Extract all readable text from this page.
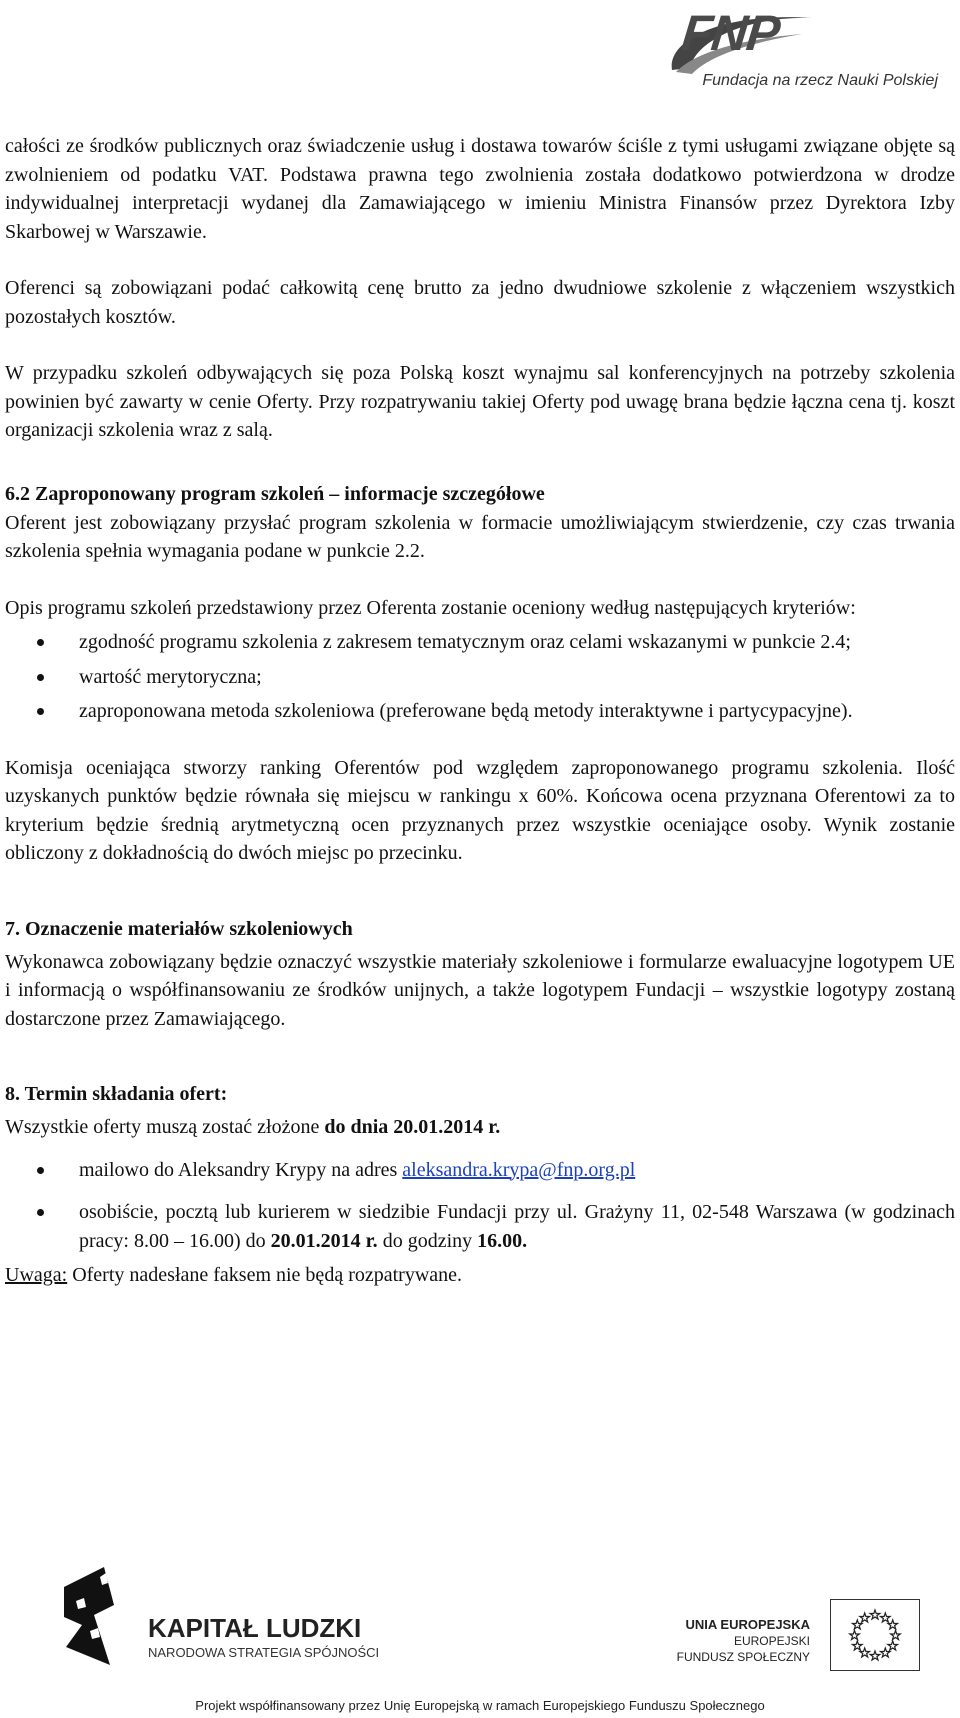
FNP
Fundacja na rzecz Nauki Polskiej

całości ze środków publicznych oraz świadczenie usług i dostawa towarów ściśle z tymi usługami związane objęte są zwolnieniem od podatku VAT. Podstawa prawna tego zwolnienia została dodatkowo potwierdzona w drodze indywidualnej interpretacji wydanej dla Zamawiającego w imieniu Ministra Finansów przez Dyrektora Izby Skarbowej w Warszawie.

Oferenci są zobowiązani podać całkowitą cenę brutto za jedno dwudniowe szkolenie z włączeniem wszystkich pozostałych kosztów.

W przypadku szkoleń odbywających się poza Polską koszt wynajmu sal konferencyjnych na potrzeby szkolenia powinien być zawarty w cenie Oferty. Przy rozpatrywaniu takiej Oferty pod uwagę brana będzie łączna cena tj. koszt organizacji szkolenia wraz z salą.

6.2 Zaproponowany program szkoleń – informacje szczegółowe

Oferent jest zobowiązany przysłać program szkolenia w formacie umożliwiającym stwierdzenie, czy czas trwania szkolenia spełnia wymagania podane w punkcie 2.2.

Opis programu szkoleń przedstawiony przez Oferenta zostanie oceniony według następujących kryteriów:

zgodność programu szkolenia z zakresem tematycznym oraz celami wskazanymi w punkcie 2.4;
wartość merytoryczna;
zaproponowana metoda szkoleniowa (preferowane będą metody interaktywne i partycypacyjne).

Komisja oceniająca stworzy ranking Oferentów pod względem zaproponowanego programu szkolenia. Ilość uzyskanych punktów będzie równała się miejscu w rankingu x 60%. Końcowa ocena przyznana Oferentowi za to kryterium będzie średnią arytmetyczną ocen przyznanych przez wszystkie oceniające osoby. Wynik zostanie obliczony z dokładnością do dwóch miejsc po przecinku.

7. Oznaczenie materiałów szkoleniowych

Wykonawca zobowiązany będzie oznaczyć wszystkie materiały szkoleniowe i formularze ewaluacyjne logotypem UE i informacją o współfinansowaniu ze środków unijnych, a także logotypem Fundacji – wszystkie logotypy zostaną dostarczone przez Zamawiającego.

8. Termin składania ofert:

Wszystkie oferty muszą zostać złożone do dnia 20.01.2014 r.

mailowo do Aleksandry Krypy na adres aleksandra.krypa@fnp.org.pl
osobiście, pocztą lub kurierem w siedzibie Fundacji przy ul. Grażyny 11, 02-548 Warszawa (w godzinach pracy: 8.00 – 16.00) do 20.01.2014 r. do godziny 16.00.

Uwaga: Oferty nadesłane faksem nie będą rozpatrywane.

KAPITAŁ LUDZKI
NARODOWA STRATEGIA SPÓJNOŚCI
UNIA EUROPEJSKA
EUROPEJSKI
FUNDUSZ SPOŁECZNY
Projekt współfinansowany przez Unię Europejską w ramach Europejskiego Funduszu Społecznego
